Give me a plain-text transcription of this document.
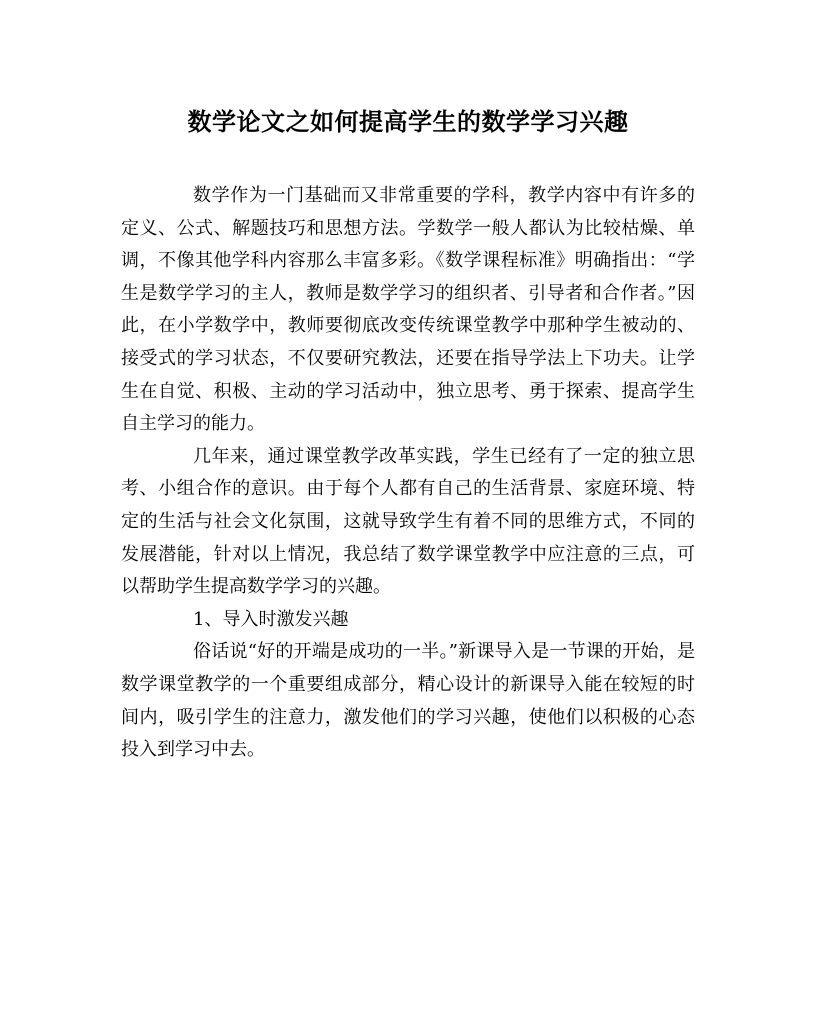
数学论文之如何提高学生的数学学习兴趣

数学作为一门基础而又非常重要的学科，教学内容中有许多的定义、公式、解题技巧和思想方法。学数学一般人都认为比较枯燥、单调，不像其他学科内容那么丰富多彩。《数学课程标准》明确指出：“学生是数学学习的主人，教师是数学学习的组织者、引导者和合作者。”因此，在小学数学中，教师要彻底改变传统课堂教学中那种学生被动的、接受式的学习状态，不仅要研究教法，还要在指导学法上下功夫。让学生在自觉、积极、主动的学习活动中，独立思考、勇于探索、提高学生自主学习的能力。

几年来，通过课堂教学改革实践，学生已经有了一定的独立思考、小组合作的意识。由于每个人都有自己的生活背景、家庭环境、特定的生活与社会文化氛围，这就导致学生有着不同的思维方式，不同的发展潜能，针对以上情况，我总结了数学课堂教学中应注意的三点，可以帮助学生提高数学学习的兴趣。

1、导入时激发兴趣

俗话说“好的开端是成功的一半。”新课导入是一节课的开始，是数学课堂教学的一个重要组成部分，精心设计的新课导入能在较短的时间内，吸引学生的注意力，激发他们的学习兴趣，使他们以积极的心态投入到学习中去。
